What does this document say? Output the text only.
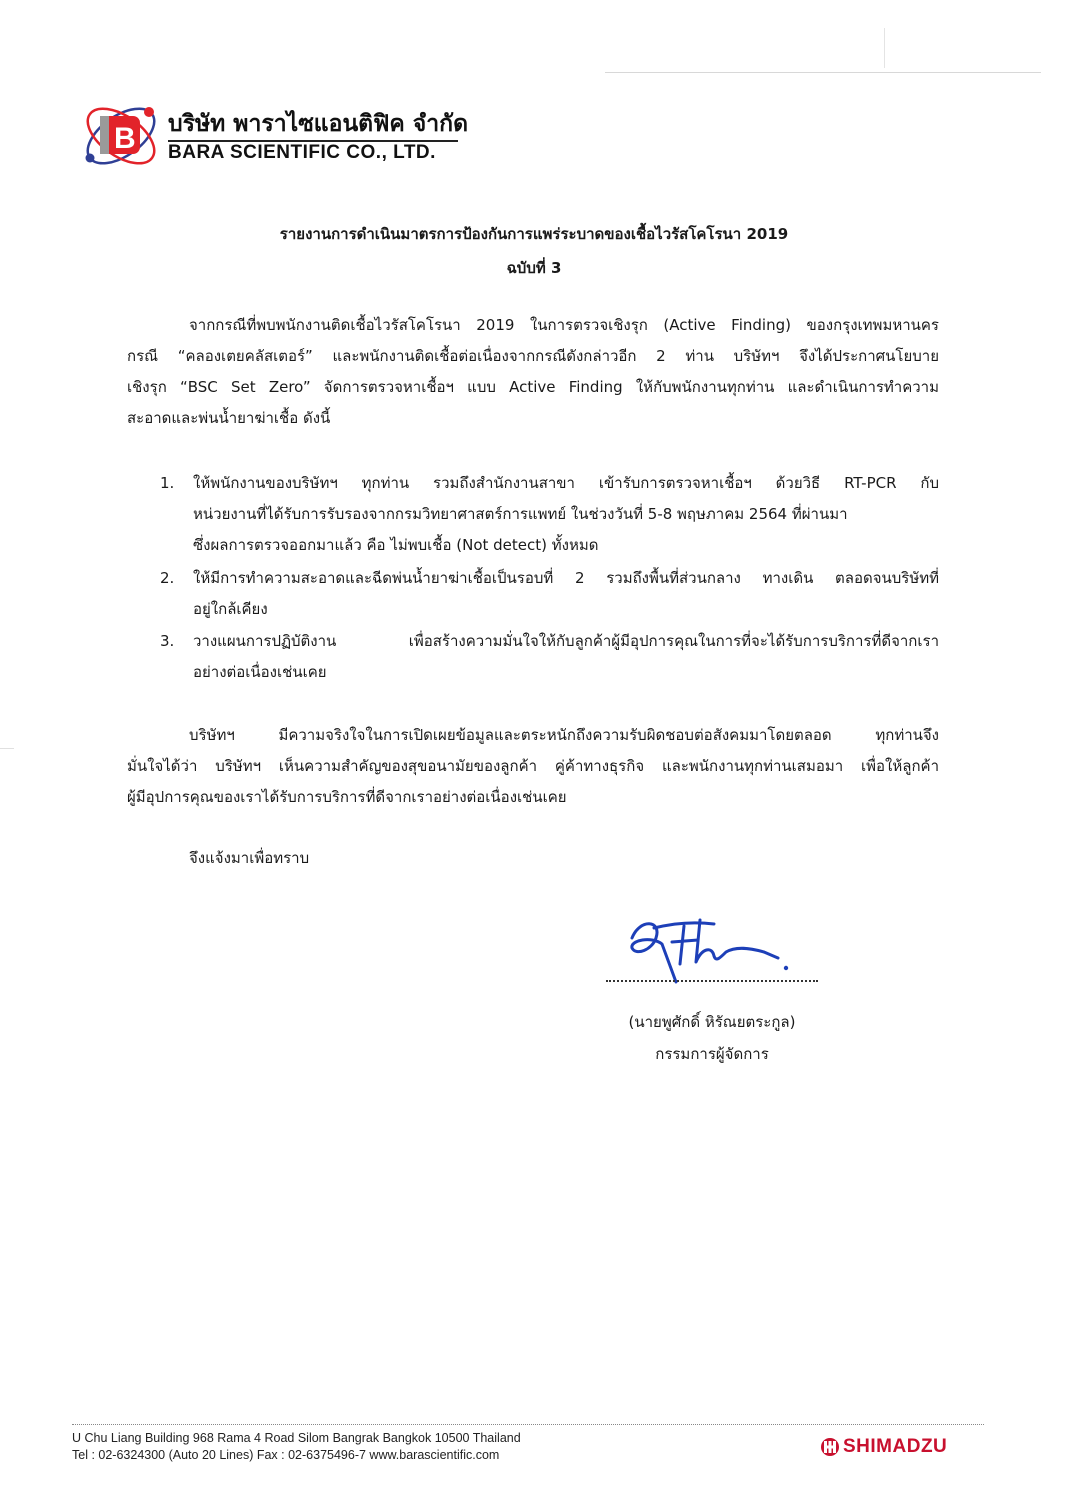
B บริษัท พาราไซแอนติฟิค จำกัด
BARA SCIENTIFIC CO., LTD.
รายงานการดำเนินมาตรการป้องกันการแพร่ระบาดของเชื้อไวรัสโคโรนา 2019
ฉบับที่ 3
จากกรณีที่พบพนักงานติดเชื้อไวรัสโคโรนา 2019 ในการตรวจเชิงรุก (Active Finding) ของกรุงเทพมหานคร
กรณี “คลองเตยคลัสเตอร์” และพนักงานติดเชื้อต่อเนื่องจากกรณีดังกล่าวอีก 2 ท่าน บริษัทฯ จึงได้ประกาศนโยบาย
เชิงรุก “BSC Set Zero” จัดการตรวจหาเชื้อฯ แบบ Active Finding ให้กับพนักงานทุกท่าน และดำเนินการทำความ
สะอาดและพ่นน้ำยาฆ่าเชื้อ ดังนี้
1.	ให้พนักงานของบริษัทฯ ทุกท่าน รวมถึงสำนักงานสาขา เข้ารับการตรวจหาเชื้อฯ ด้วยวิธี RT-PCR กับ
หน่วยงานที่ได้รับการรับรองจากกรมวิทยาศาสตร์การแพทย์ ในช่วงวันที่ 5-8 พฤษภาคม 2564 ที่ผ่านมา
ซึ่งผลการตรวจออกมาแล้ว คือ ไม่พบเชื้อ (Not detect) ทั้งหมด
2.	ให้มีการทำความสะอาดและฉีดพ่นน้ำยาฆ่าเชื้อเป็นรอบที่ 2 รวมถึงพื้นที่ส่วนกลาง ทางเดิน ตลอดจนบริษัทที่
อยู่ใกล้เคียง
3.	วางแผนการปฏิบัติงาน เพื่อสร้างความมั่นใจให้กับลูกค้าผู้มีอุปการคุณในการที่จะได้รับการบริการที่ดีจากเรา
อย่างต่อเนื่องเช่นเคย
บริษัทฯ มีความจริงใจในการเปิดเผยข้อมูลและตระหนักถึงความรับผิดชอบต่อสังคมมาโดยตลอด ทุกท่านจึง
มั่นใจได้ว่า บริษัทฯ เห็นความสำคัญของสุขอนามัยของลูกค้า คู่ค้าทางธุรกิจ และพนักงานทุกท่านเสมอมา เพื่อให้ลูกค้า
ผู้มีอุปการคุณของเราได้รับการบริการที่ดีจากเราอย่างต่อเนื่องเช่นเคย
จึงแจ้งมาเพื่อทราบ
(นายพูศักดิ์ หิรัณยตระกูล)
กรรมการผู้จัดการ
U Chu Liang Building 968 Rama 4 Road Silom Bangrak Bangkok 10500 Thailand
Tel : 02-6324300 (Auto 20 Lines) Fax : 02-6375496-7 www.barascientific.com	SHIMADZU
